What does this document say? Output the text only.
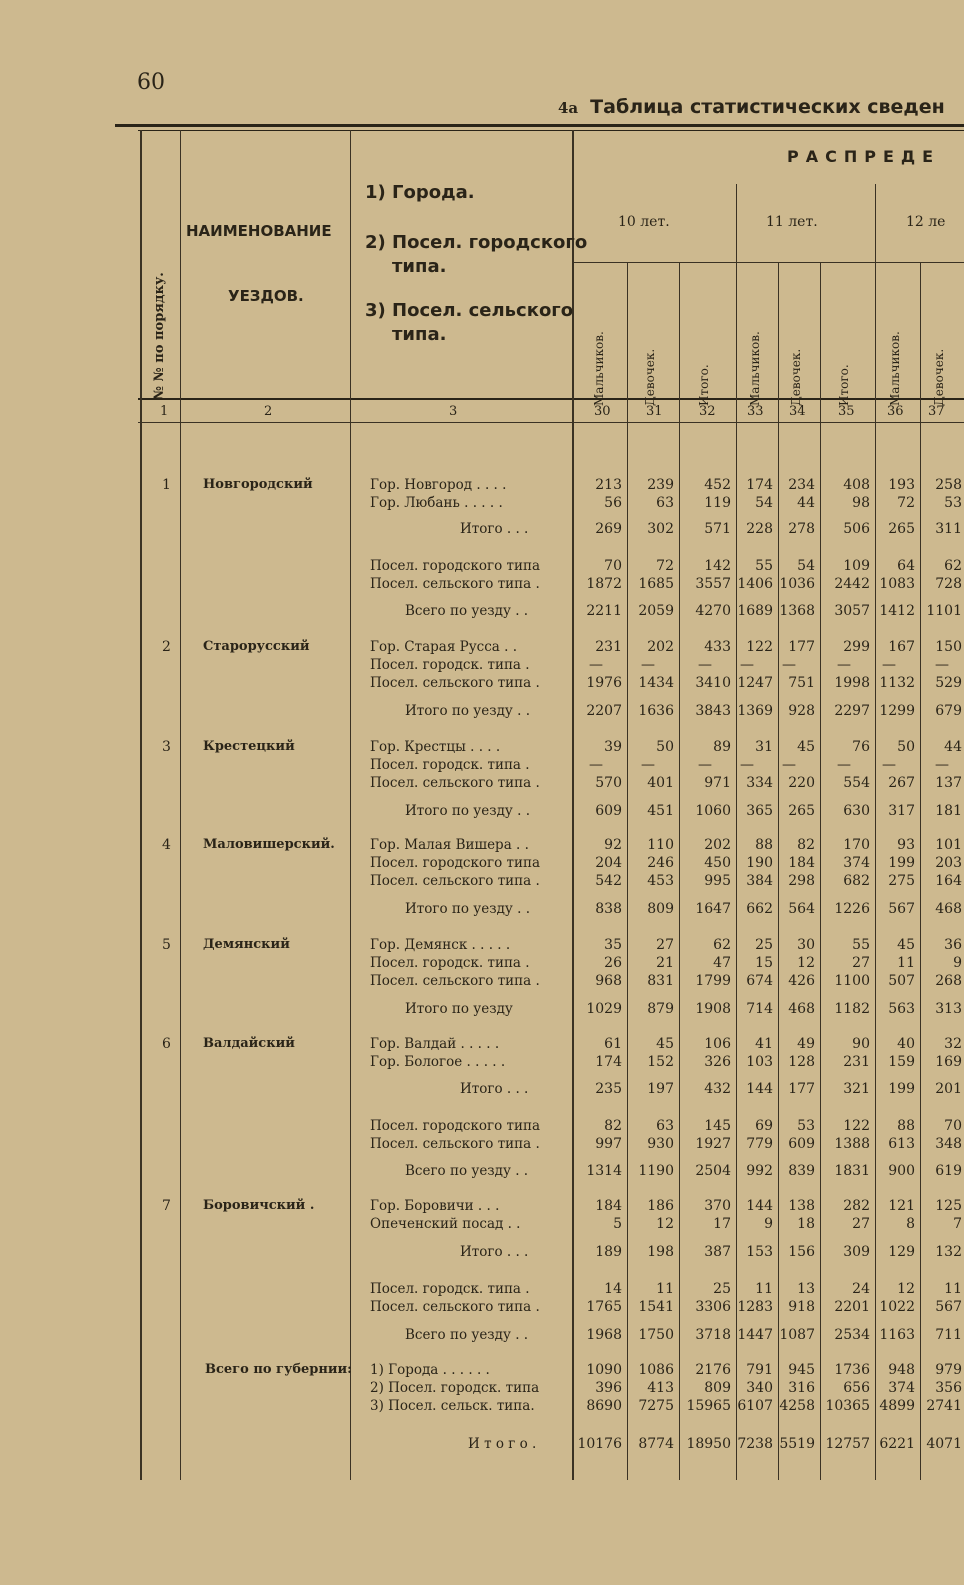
60
4а Таблица статистических сведен
№ № по порядку.
НАИМЕНОВАНИЕ
УЕЗДОВ.
1) Города.
2) Посел. городского
типа.
3) Посел. сельского
типа.
РАСПРЕДЕ
10 лет.	11 лет.	12 ле
Мальчиков.	Девочек.	Итого.	Мальчиков. Девочек.	Итого.	Мальчиков.	Девочек.
1	2	3	30	31	32 33 34 35 36 37
1 Новгородский	Гор. Новгород . . . .	213	239	452	174	234	408	193	258
Гор. Любань . . . . .	56	63	119	54	44	98	72	53
Итого . . .	269	302	571	228	278	506	265	311
Посел. городского типа	70	72	142	55	54	109	64	62
Посел. сельского типа .	1872	1685	3557 1406 1036	2442 1083	728
Всего по уезду . .	2211	2059	4270 1689 1368	3057 1412 1101
2 Старорусский	Гор. Старая Русса . .	231	202	433	122	177	299	167	150
Посел. городск. типа .	—	—	—	—	—	—	—	—
Посел. сельского типа .	1976	1434	3410 1247	751	1998 1132	529
Итого по уезду . .	2207	1636	3843 1369	928	2297 1299	679
3 Крестецкий	Гор. Крестцы . . . .	39	50	89	31	45	76	50	44
Посел. городск. типа .	—	—	—	—	—	—	—	—
Посел. сельского типа .	570	401	971	334	220	554	267	137
Итого по уезду . .	609	451	1060	365	265	630	317	181
4 Маловишерский.	Гор. Малая Вишера . .	92	110	202	88	82	170	93	101
Посел. городского типа	204	246	450	190	184	374	199	203
Посел. сельского типа .	542	453	995	384	298	682	275	164
Итого по уезду . .	838	809	1647	662	564	1226	567	468
5 Демянский	Гор. Демянск . . . . .	35	27	62	25	30	55	45	36
Посел. городск. типа .	26	21	47	15	12	27	11	9
Посел. сельского типа .	968	831	1799	674	426	1100	507	268
Итого по уезду	1029	879	1908	714	468	1182	563	313
6 Валдайский	Гор. Валдай . . . . .	61	45	106	41	49	90	40	32
Гор. Бологое . . . . .	174	152	326	103	128	231	159	169
Итого . . .	235	197	432	144	177	321	199	201
Посел. городского типа	82	63	145	69	53	122	88	70
Посел. сельского типа .	997	930	1927	779	609	1388	613	348
Всего по уезду . .	1314	1190	2504	992	839	1831	900	619
7 Боровичский .	Гор. Боровичи . . .	184	186	370	144	138	282	121	125
Опеченский посад . .	5	12	17	9	18	27	8	7
Итого . . .	189	198	387	153	156	309	129	132
Посел. городск. типа .	14	11	25	11	13	24	12	11
Посел. сельского типа .	1765	1541	3306 1283	918	2201 1022	567
Всего по уезду . .	1968	1750	3718 1447 1087	2534 1163	711
Всего по губернии: 1) Города . . . . . .	1090	1086	2176	791	945	1736	948	979
2) Посел. городск. типа	396	413	809	340	316	656	374	356
3) Посел. сельск. типа.	8690	7275 15965 6107 4258 10365 4899 2741
И т о г о .	10176	8774 18950 7238 5519 12757 6221 4071
